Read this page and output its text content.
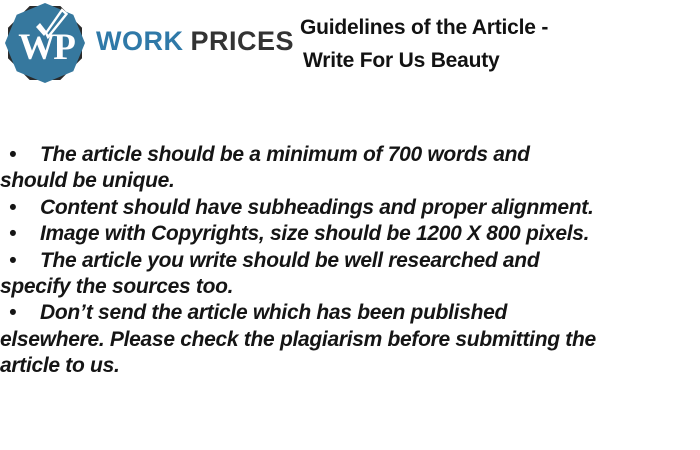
WP WORK PRICES Guidelines of the Article -
Write For Us Beauty
• The article should be a minimum of 700 words and
should be unique.
• Content should have subheadings and proper alignment.
• Image with Copyrights, size should be 1200 X 800 pixels.
• The article you write should be well researched and
specify the sources too.
• Don’t send the article which has been published
elsewhere. Please check the plagiarism before submitting the
article to us.
